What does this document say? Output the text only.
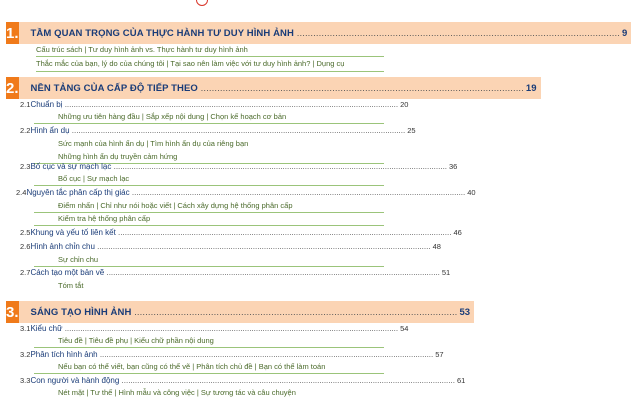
1. TẦM QUAN TRỌNG CỦA THỰC HÀNH TƯ DUY HÌNH ẢNH .....	9
Cấu trúc sách | Tư duy hình ảnh vs. Thực hành tư duy hình ảnh
Thắc mắc của bạn, lý do của chúng tôi | Tại sao nên làm việc với tư duy hình ảnh? | Dụng cụ
2. NỀN TẢNG CỦA CẤP ĐỘ TIẾP THEO .....	19
2.1 Chuẩn bị .....	20
Những ưu tiên hàng đầu | Sắp xếp nội dung | Chọn kế hoạch cơ bản
2.2 Hình ẩn dụ .....	25
Sức mạnh của hình ẩn dụ | Tìm hình ẩn dụ của riêng bạn
Những hình ẩn dụ truyền cảm hứng
2.3 Bố cục và sự mạch lạc .....	36
Bố cục | Sự mạch lạc
2.4 Nguyên tắc phân cấp thị giác .....	40
Điểm nhấn | Chỉ như nói hoặc viết | Cách xây dựng hệ thống phân cấp
Kiểm tra hệ thống phân cấp
2.5 Khung và yếu tố liên kết .....	46
2.6 Hình ảnh chỉn chu .....	48
Sự chỉn chu
2.7 Cách tạo một bản vẽ .....	51
Tóm tắt
3. SÁNG TẠO HÌNH ẢNH .....	53
3.1 Kiểu chữ .....	54
Tiêu đề | Tiêu đề phụ | Kiểu chữ phần nội dung
3.2 Phân tích hình ảnh .....	57
Nếu bạn có thể viết, bạn cũng có thể vẽ | Phân tích chủ đề | Bạn có thể làm toán
3.3 Con người và hành động .....	61
Nét mặt | Tư thế | Hình mẫu và công việc | Sự tương tác và câu chuyện
